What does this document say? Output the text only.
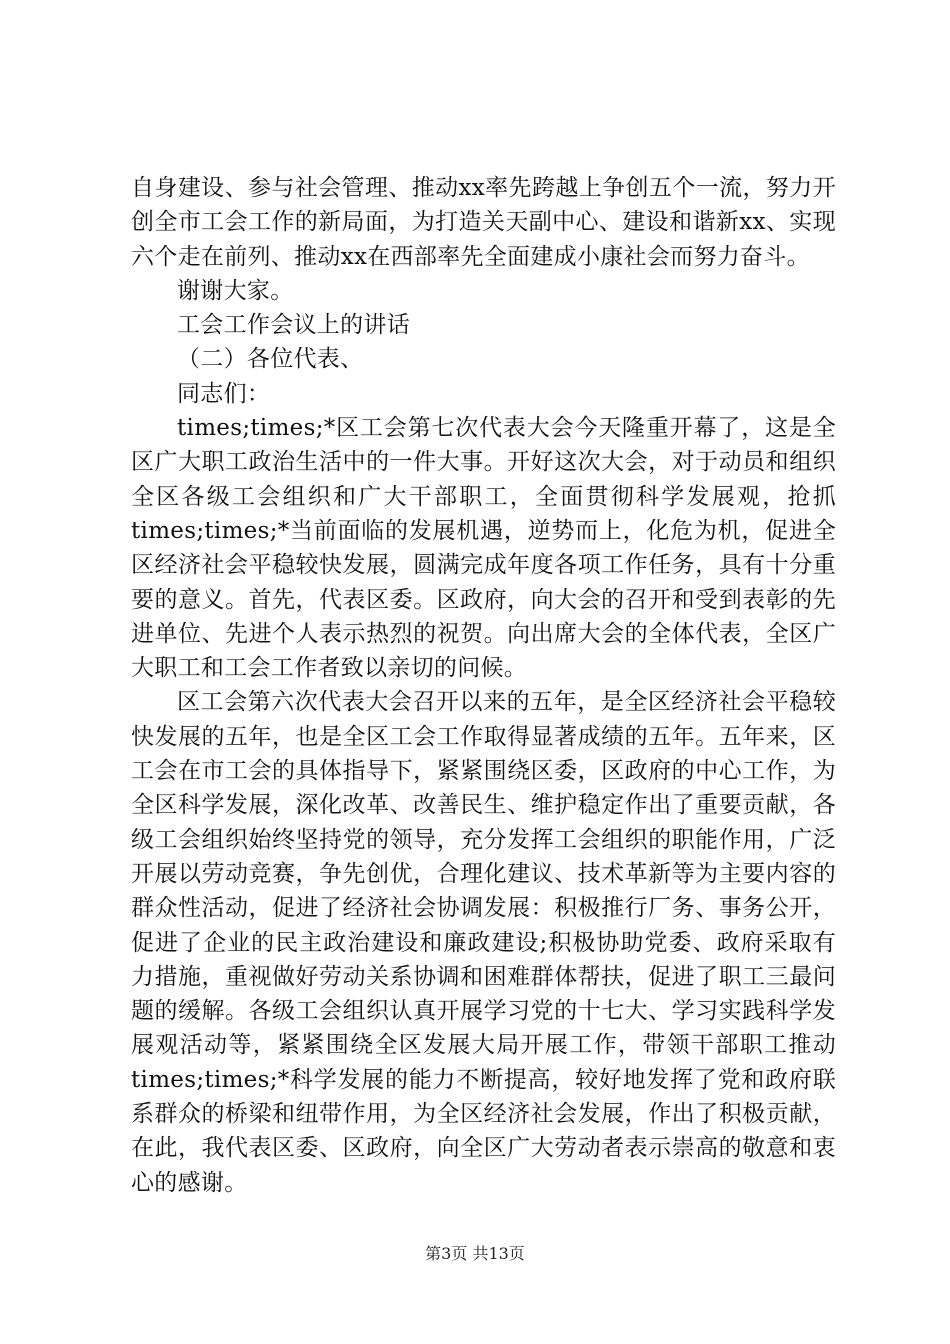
自身建设、参与社会管理、推动xx率先跨越上争创五个一流，努力开创全市工会工作的新局面，为打造关天副中心、建设和谐新xx、实现六个走在前列、推动xx在西部率先全面建成小康社会而努力奋斗。

谢谢大家。

工会工作会议上的讲话

（二）各位代表、

同志们：

times;times;*区工会第七次代表大会今天隆重开幕了，这是全区广大职工政治生活中的一件大事。开好这次大会，对于动员和组织全区各级工会组织和广大干部职工，全面贯彻科学发展观，抢抓times;times;*当前面临的发展机遇，逆势而上，化危为机，促进全区经济社会平稳较快发展，圆满完成年度各项工作任务，具有十分重要的意义。首先，代表区委。区政府，向大会的召开和受到表彰的先进单位、先进个人表示热烈的祝贺。向出席大会的全体代表，全区广大职工和工会工作者致以亲切的问候。

区工会第六次代表大会召开以来的五年，是全区经济社会平稳较快发展的五年，也是全区工会工作取得显著成绩的五年。五年来，区工会在市工会的具体指导下，紧紧围绕区委，区政府的中心工作，为全区科学发展，深化改革、改善民生、维护稳定作出了重要贡献，各级工会组织始终坚持党的领导，充分发挥工会组织的职能作用，广泛开展以劳动竞赛，争先创优，合理化建议、技术革新等为主要内容的群众性活动，促进了经济社会协调发展：积极推行厂务、事务公开，促进了企业的民主政治建设和廉政建设;积极协助党委、政府采取有力措施，重视做好劳动关系协调和困难群体帮扶，促进了职工三最问题的缓解。各级工会组织认真开展学习党的十七大、学习实践科学发展观活动等，紧紧围绕全区发展大局开展工作，带领干部职工推动times;times;*科学发展的能力不断提高，较好地发挥了党和政府联系群众的桥梁和纽带作用，为全区经济社会发展，作出了积极贡献，在此，我代表区委、区政府，向全区广大劳动者表示崇高的敬意和衷心的感谢。

第3页 共13页
